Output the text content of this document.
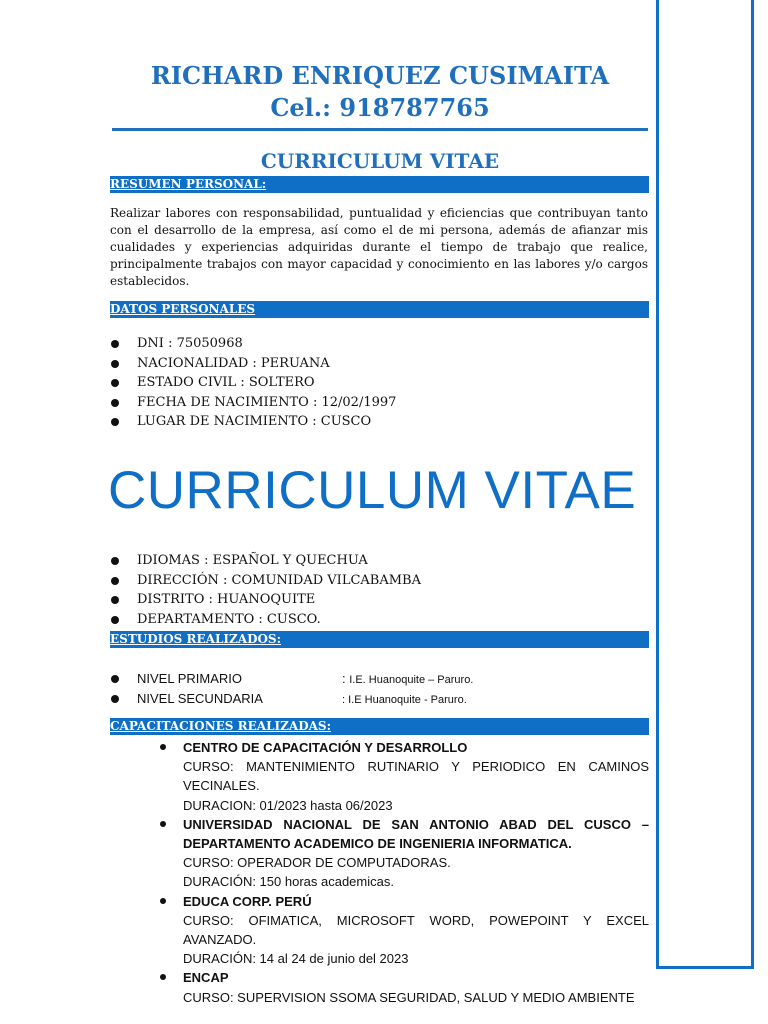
RICHARD ENRIQUEZ CUSIMAITA
Cel.: 918787765
CURRICULUM VITAE
RESUMEN PERSONAL:
Realizar labores con responsabilidad, puntualidad y eficiencias que contribuyan tanto con el desarrollo de la empresa, así como el de mi persona, además de afianzar mis cualidades y experiencias adquiridas durante el tiempo de trabajo que realice, principalmente trabajos con mayor capacidad y conocimiento en las labores y/o cargos establecidos.
DATOS PERSONALES
DNI : 75050968
NACIONALIDAD : PERUANA
ESTADO CIVIL : SOLTERO
FECHA DE NACIMIENTO : 12/02/1997
LUGAR DE NACIMIENTO : CUSCO
CURRICULUM VITAE
IDIOMAS : ESPAÑOL Y QUECHUA
DIRECCIÓN : COMUNIDAD VILCABAMBA
DISTRITO : HUANOQUITE
DEPARTAMENTO : CUSCO.
ESTUDIOS REALIZADOS:
NIVEL PRIMARIO	: I.E. Huanoquite – Paruro.
NIVEL SECUNDARIA	: I.E Huanoquite - Paruro.
CAPACITACIONES REALIZADAS:
CENTRO DE CAPACITACIÓN Y DESARROLLO
CURSO: MANTENIMIENTO RUTINARIO Y PERIODICO EN CAMINOS VECINALES.
DURACION: 01/2023 hasta 06/2023
UNIVERSIDAD NACIONAL DE SAN ANTONIO ABAD DEL CUSCO – DEPARTAMENTO ACADEMICO DE INGENIERIA INFORMATICA.
CURSO: OPERADOR DE COMPUTADORAS.
DURACIÓN: 150 horas academicas.
EDUCA CORP. PERÚ
CURSO: OFIMATICA, MICROSOFT WORD, POWEPOINT Y EXCEL AVANZADO.
DURACIÓN: 14 al 24 de junio del 2023
ENCAP
CURSO: SUPERVISION SSOMA SEGURIDAD, SALUD Y MEDIO AMBIENTE
